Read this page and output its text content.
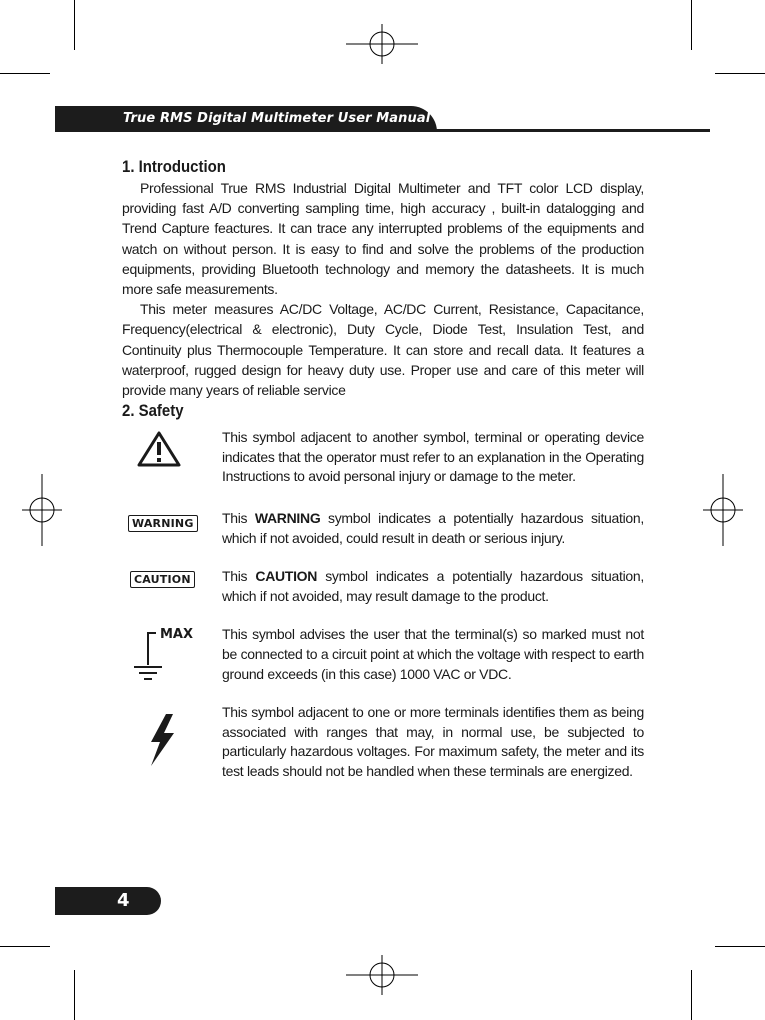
True RMS Digital Multimeter User Manual
1. Introduction

Professional True RMS Industrial Digital Multimeter and TFT color LCD display, providing fast A/D converting sampling time, high accuracy , built-in datalogging and Trend Capture feactures. It can trace any interrupted problems of the equipments and watch on without person. It is easy to find and solve the problems of the production equipments, providing Bluetooth technology and memory the datasheets. It is much more safe measurements.

This meter measures AC/DC Voltage, AC/DC Current, Resistance, Capacitance, Frequency(electrical & electronic), Duty Cycle, Diode Test, Insulation Test, and Continuity plus Thermocouple Temperature. It can store and recall data. It features a waterproof, rugged design for heavy duty use. Proper use and care of this meter will provide many years of reliable service

2. Safety

This symbol adjacent to another symbol, terminal or operating device indicates that the operator must refer to an explanation in the Operating Instructions to avoid personal injury or damage to the meter.

WARNING This WARNING symbol indicates a potentially hazardous situation, which if not avoided, could result in death or serious injury.

CAUTION This CAUTION symbol indicates a potentially hazardous situation, which if not avoided, may result damage to the product.

MAX This symbol advises the user that the terminal(s) so marked must not be connected to a circuit point at which the voltage with respect to earth ground exceeds (in this case) 1000 VAC or VDC.

This symbol adjacent to one or more terminals identifies them as being associated with ranges that may, in normal use, be subjected to particularly hazardous voltages. For maximum safety, the meter and its test leads should not be handled when these terminals are energized.

4
